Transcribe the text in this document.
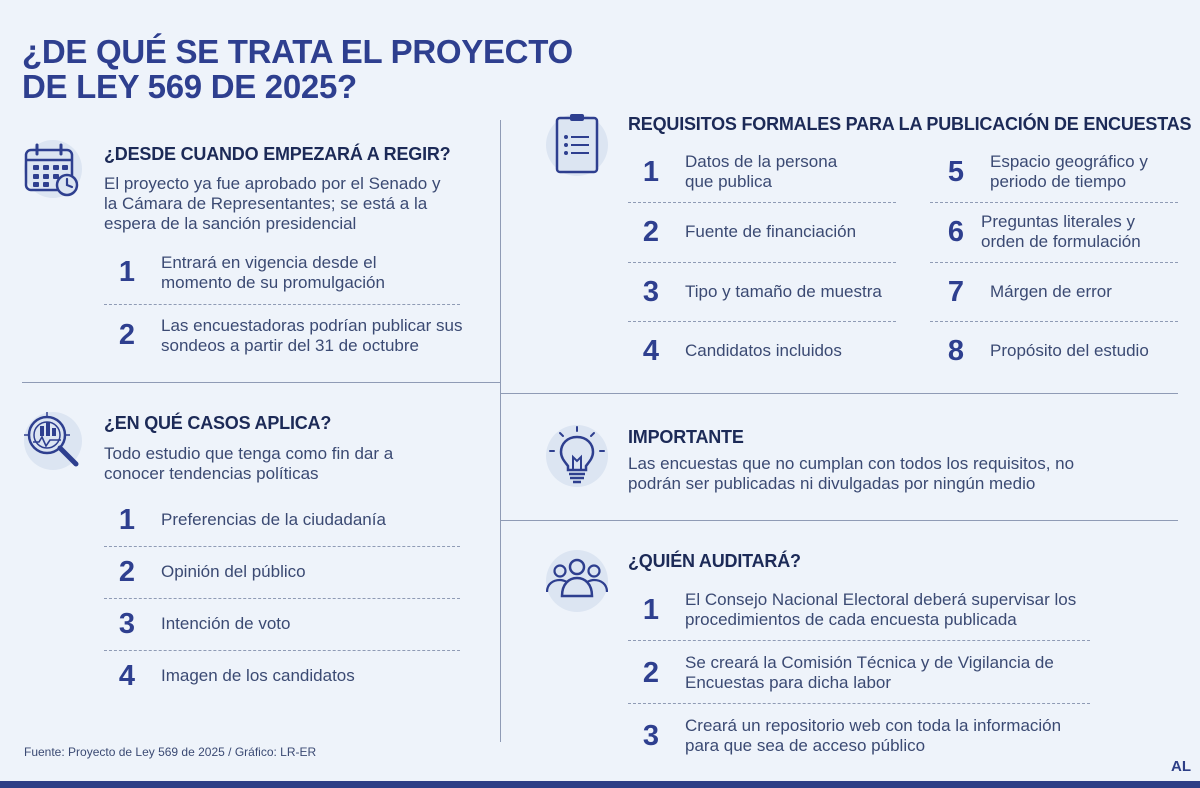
¿DE QUÉ SE TRATA EL PROYECTO DE LEY 569 DE 2025?
¿DESDE CUANDO EMPEZARÁ A REGIR?
El proyecto ya fue aprobado por el Senado y la Cámara de Representantes; se está a la espera de la sanción presidencial
1 Entrará en vigencia desde el momento de su promulgación
2 Las encuestadoras podrían publicar sus sondeos a partir del 31 de octubre
¿EN QUÉ CASOS APLICA?
Todo estudio que tenga como fin dar a conocer tendencias políticas
1 Preferencias de la ciudadanía
2 Opinión del público
3 Intención de voto
4 Imagen de los candidatos
REQUISITOS FORMALES PARA LA PUBLICACIÓN DE ENCUESTAS
1 Datos de la persona que publica
2 Fuente de financiación
3 Tipo y tamaño de muestra
4 Candidatos incluidos
5 Espacio geográfico y periodo de tiempo
6 Preguntas literales y orden de formulación
7 Márgen de error
8 Propósito del estudio
IMPORTANTE
Las encuestas que no cumplan con todos los requisitos, no podrán ser publicadas ni divulgadas por ningún medio
¿QUIÉN AUDITARÁ?
1 El Consejo Nacional Electoral deberá supervisar los procedimientos de cada encuesta publicada
2 Se creará la Comisión Técnica y de Vigilancia de Encuestas para dicha labor
3 Creará un repositorio web con toda la información para que sea de acceso público
Fuente: Proyecto de Ley 569 de 2025 / Gráfico: LR-ER
AL
